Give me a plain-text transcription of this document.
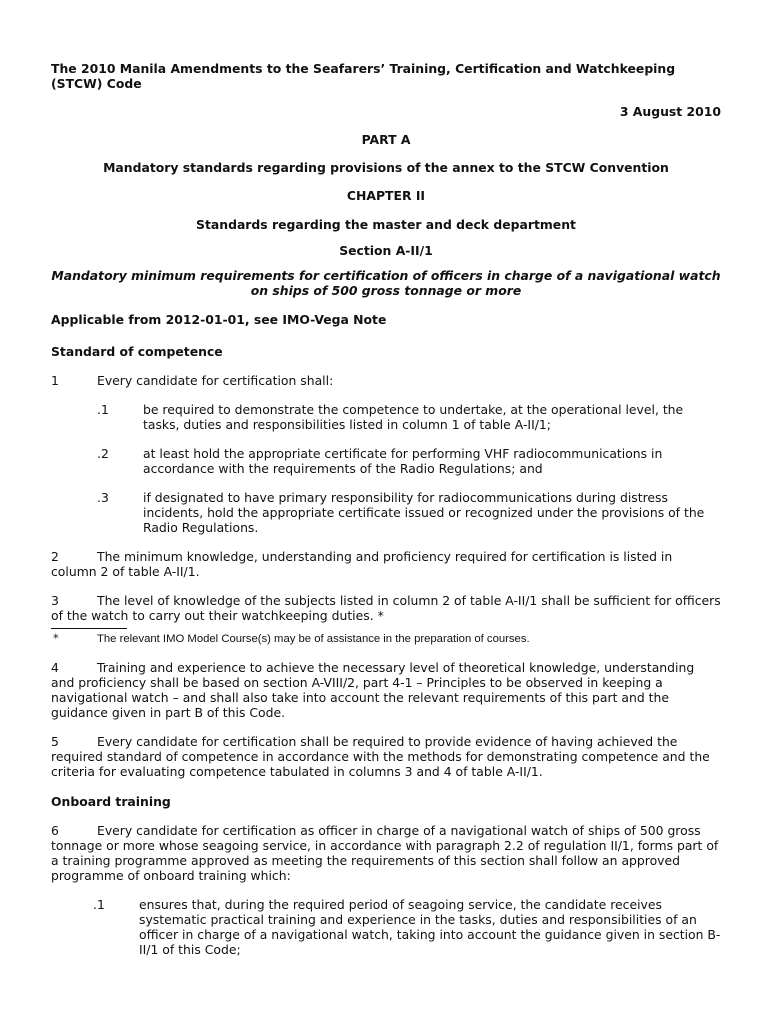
The 2010 Manila Amendments to the Seafarers’ Training, Certification and Watchkeeping (STCW) Code

3 August 2010

PART A

Mandatory standards regarding provisions of the annex to the STCW Convention

CHAPTER II

Standards regarding the master and deck department

Section A-II/1

Mandatory minimum requirements for certification of officers in charge of a navigational watch on ships of 500 gross tonnage or more

Applicable from 2012-01-01, see IMO-Vega Note

Standard of competence

1	Every candidate for certification shall:

.1	be required to demonstrate the competence to undertake, at the operational level, the tasks, duties and responsibilities listed in column 1 of table A-II/1;

.2	at least hold the appropriate certificate for performing VHF radiocommunications in accordance with the requirements of the Radio Regulations; and

.3	if designated to have primary responsibility for radiocommunications during distress incidents, hold the appropriate certificate issued or recognized under the provisions of the Radio Regulations.

2	The minimum knowledge, understanding and proficiency required for certification is listed in column 2 of table A-II/1.

3	The level of knowledge of the subjects listed in column 2 of table A-II/1 shall be sufficient for officers of the watch to carry out their watchkeeping duties. *

*	The relevant IMO Model Course(s) may be of assistance in the preparation of courses.

4	Training and experience to achieve the necessary level of theoretical knowledge, understanding and proficiency shall be based on section A-VIII/2, part 4-1 – Principles to be observed in keeping a navigational watch – and shall also take into account the relevant requirements of this part and the guidance given in part B of this Code.

5	Every candidate for certification shall be required to provide evidence of having achieved the required standard of competence in accordance with the methods for demonstrating competence and the criteria for evaluating competence tabulated in columns 3 and 4 of table A-II/1.

Onboard training

6	Every candidate for certification as officer in charge of a navigational watch of ships of 500 gross tonnage or more whose seagoing service, in accordance with paragraph 2.2 of regulation II/1, forms part of a training programme approved as meeting the requirements of this section shall follow an approved programme of onboard training which:

.1	ensures that, during the required period of seagoing service, the candidate receives systematic practical training and experience in the tasks, duties and responsibilities of an officer in charge of a navigational watch, taking into account the guidance given in section B-II/1 of this Code;
